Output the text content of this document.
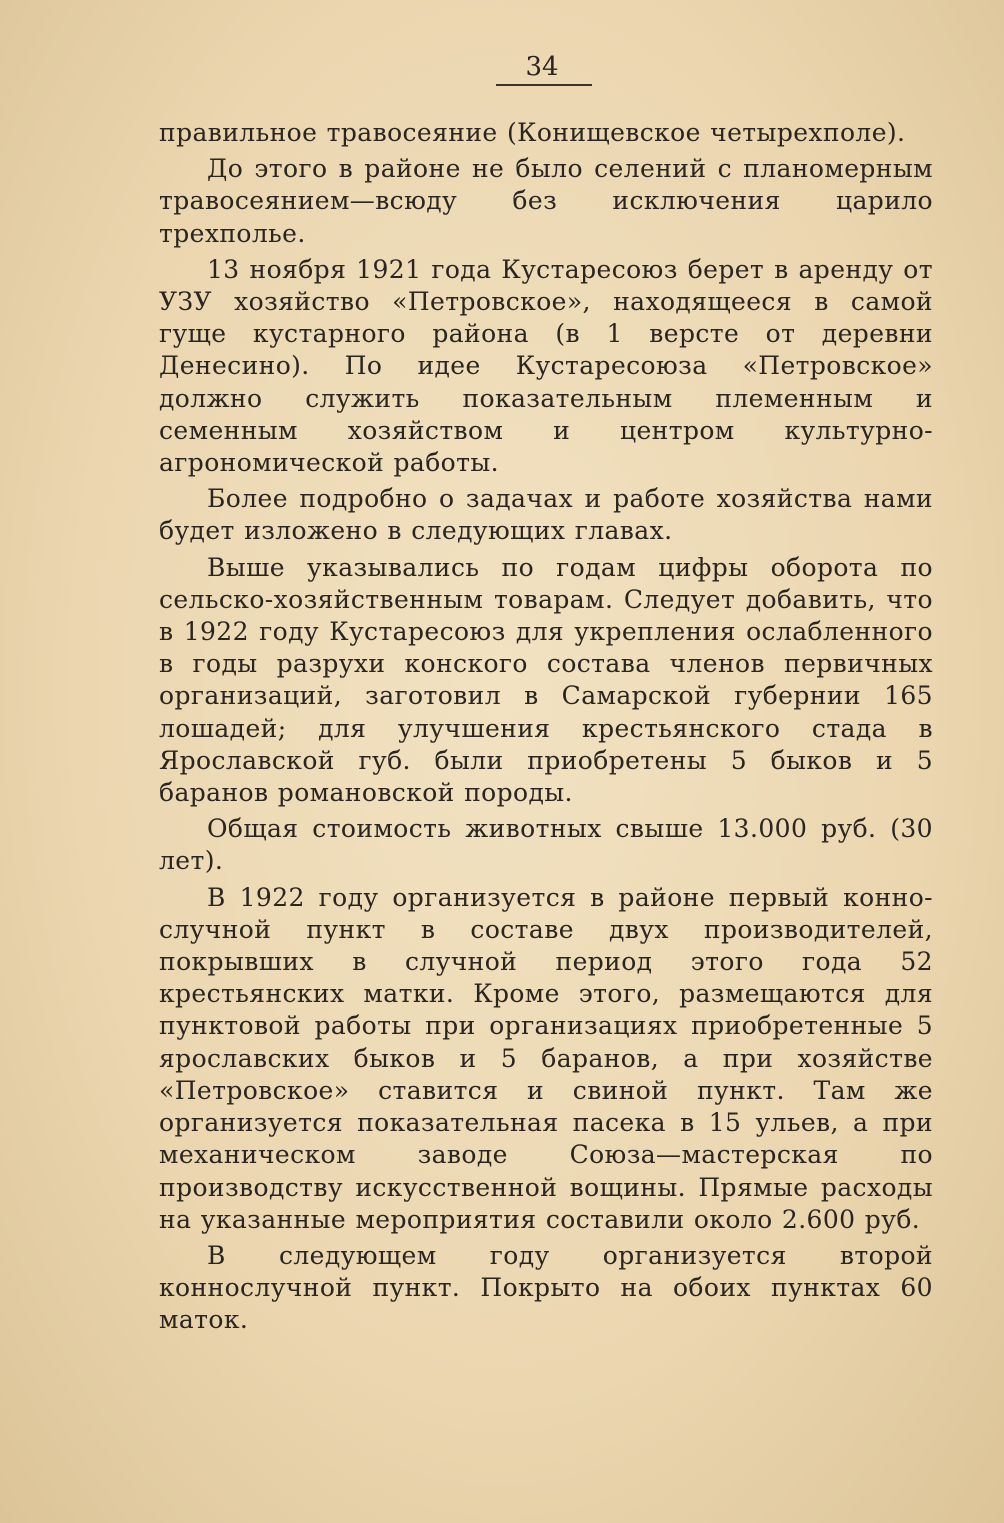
34

правильное травосеяние (Конищевское четырехполе).

До этого в районе не было селений с планомерным травосеянием—всюду без исключения царило трехполье.

13 ноября 1921 года Кустаресоюз берет в аренду от УЗУ хозяйство «Петровское», находящееся в самой гуще кустарного района (в 1 версте от деревни Денесино). По идее Кустаресоюза «Петровское» должно служить показательным племенным и семенным хозяйством и центром культурно-агрономической работы.

Более подробно о задачах и работе хозяйства нами будет изложено в следующих главах.

Выше указывались по годам цифры оборота по сельско-хозяйственным товарам. Следует добавить, что в 1922 году Кустаресоюз для укрепления ослабленного в годы разрухи конского состава членов первичных организаций, заготовил в Самарской губернии 165 лошадей; для улучшения крестьянского стада в Ярославской губ. были приобретены 5 быков и 5 баранов романовской породы.

Общая стоимость животных свыше 13.000 руб. (30 лет).

В 1922 году организуется в районе первый конно-случной пункт в составе двух производителей, покрывших в случной период этого года 52 крестьянских матки. Кроме этого, размещаются для пунктовой работы при организациях приобретенные 5 ярославских быков и 5 баранов, а при хозяйстве «Петровское» ставится и свиной пункт. Там же организуется показательная пасека в 15 ульев, а при механическом заводе Союза—мастерская по производству искусственной вощины. Прямые расходы на указанные мероприятия составили около 2.600 руб.

В следующем году организуется второй коннослучной пункт. Покрыто на обоих пунктах 60 маток.
